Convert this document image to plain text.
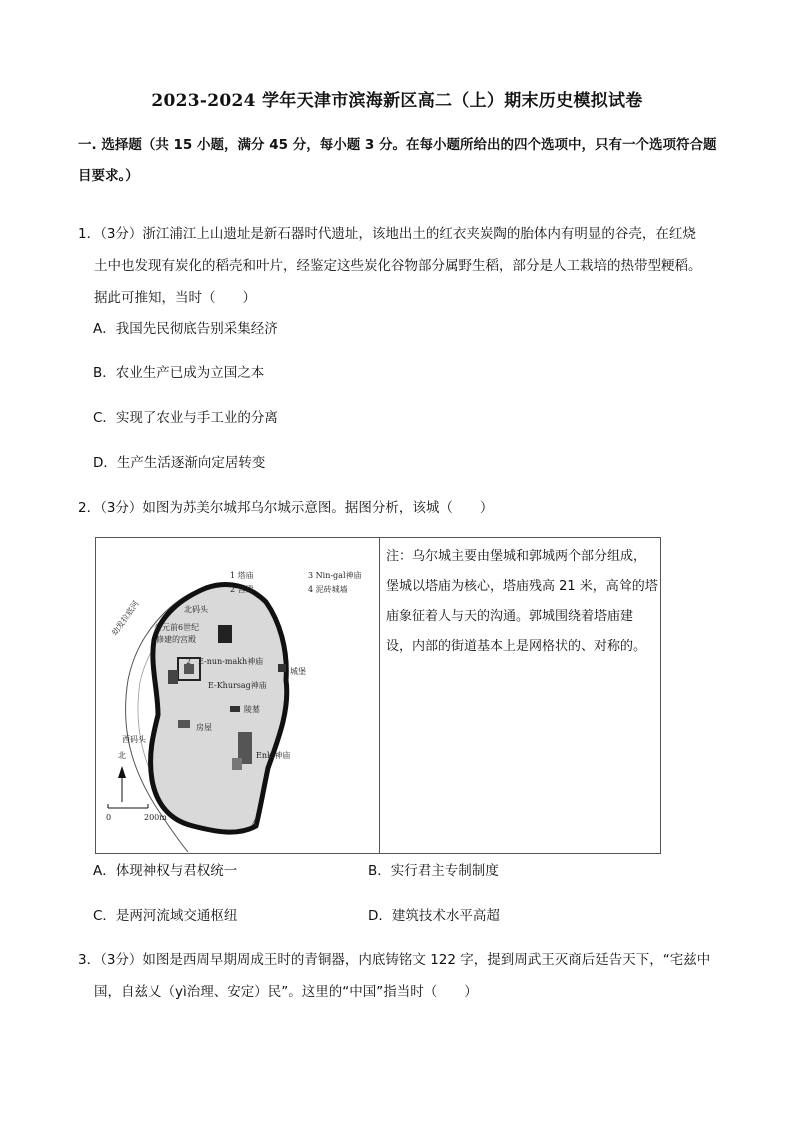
2023-2024 学年天津市滨海新区高二（上）期末历史模拟试卷
一. 选择题（共 15 小题，满分 45 分，每小题 3 分。在每小题所给出的四个选项中，只有一个选项符合题
目要求。）
1．（3分）浙江浦江上山遗址是新石器时代遗址，该地出土的红衣夹炭陶的胎体内有明显的谷壳，在红烧
土中也发现有炭化的稻壳和叶片，经鉴定这些炭化谷物部分属野生稻，部分是人工栽培的热带型粳稻。
据此可推知，当时（　　）
A．我国先民彻底告别采集经济
B．农业生产已成为立国之本
C．实现了农业与手工业的分离
D．生产生活逐渐向定居转变
2．（3分）如图为苏美尔城邦乌尔城示意图。据图分析，该城（　　）
1 塔庙
2 宫殿
3 Nin-gal神庙
4 泥砖城墙
幼发拉底河	北码头
公元前6世纪
修建的宫殿
E-nun-makh神庙
E-Khursag神庙
城堡
陵墓
房屋
西码头
Enki神庙
2
4
北
0	200m
注：乌尔城主要由堡城和郭城两个部分组成，堡城以塔庙为核心，塔庙残高 21 米，高耸的塔庙象征着人与天的沟通。郭城围绕着塔庙建设，内部的街道基本上是网格状的、对称的。
A．体现神权与君权统一	B．实行君主专制制度
C．是两河流域交通枢纽	D．建筑技术水平高超
3．（3分）如图是西周早期周成王时的青铜器，内底铸铭文 122 字，提到周武王灭商后廷告天下，“宅兹中
国，自兹乂（yì治理、安定）民”。这里的“中国”指当时（　　）
